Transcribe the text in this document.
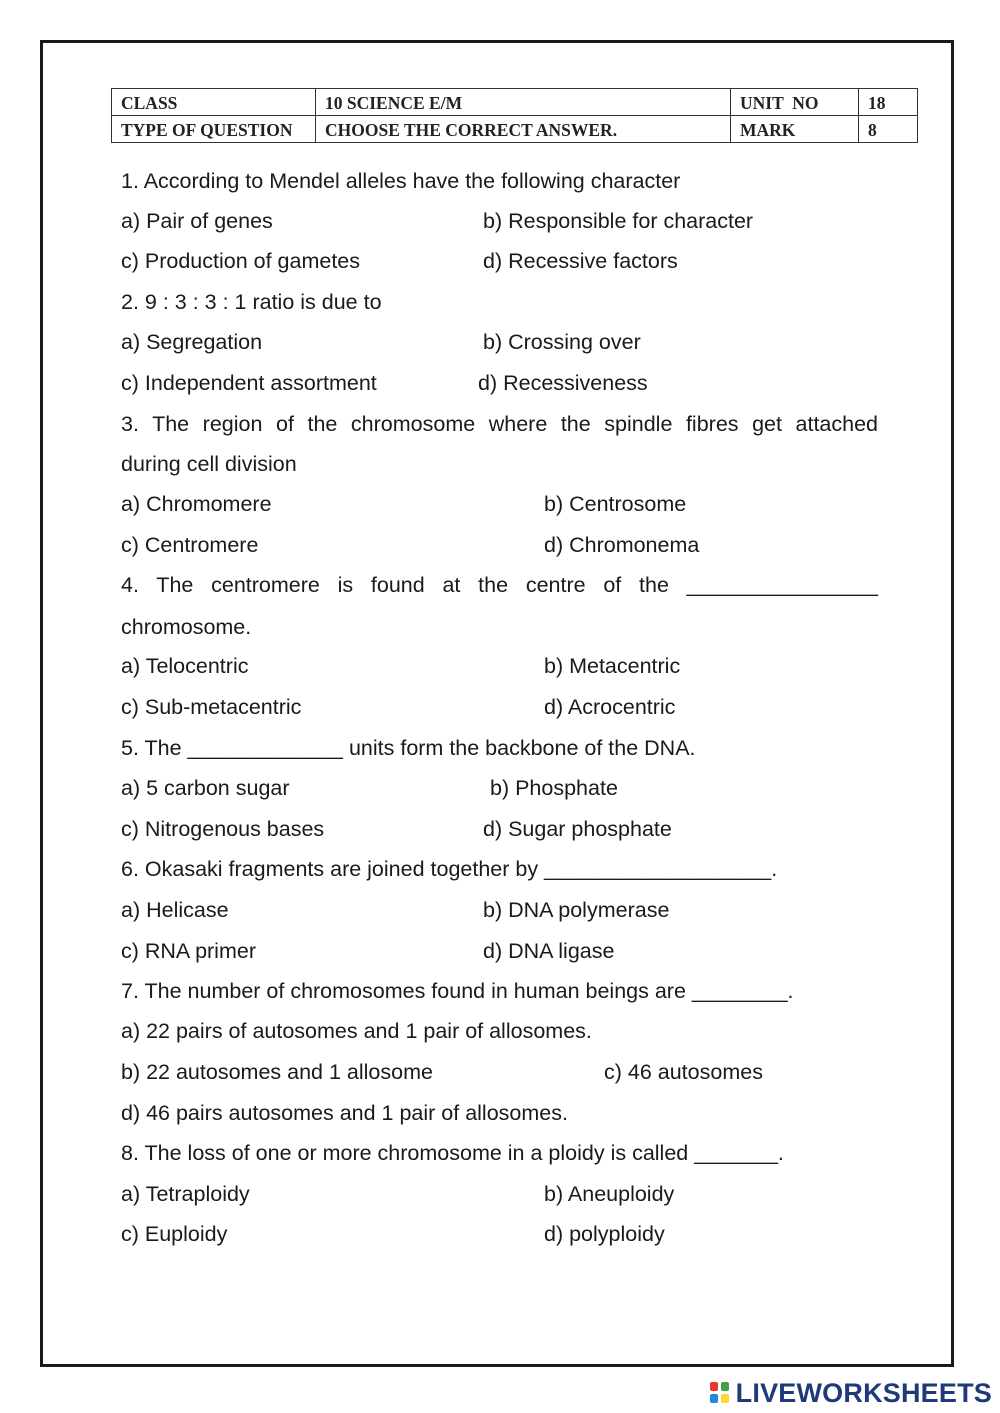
CLASS	10 SCIENCE E/M	UNIT  NO	18
TYPE OF QUESTION	CHOOSE THE CORRECT ANSWER.	MARK	8
1. According to Mendel alleles have the following character
a) Pair of genes	b) Responsible for character
c) Production of gametes	d) Recessive factors
2. 9 : 3 : 3 : 1 ratio is due to
a) Segregation	b) Crossing over
c) Independent assortment	d) Recessiveness
3. The region of the chromosome where the spindle fibres get attached
during cell division
a) Chromomere	b) Centrosome
c) Centromere	d) Chromonema
4. The centromere is found at the centre of the ________________
chromosome.
a) Telocentric	b) Metacentric
c) Sub-metacentric	d) Acrocentric
5. The _____________ units form the backbone of the DNA.
a) 5 carbon sugar	b) Phosphate
c) Nitrogenous bases	d) Sugar phosphate
6. Okasaki fragments are joined together by ___________________.
a) Helicase	b) DNA polymerase
c) RNA primer	d) DNA ligase
7. The number of chromosomes found in human beings are ________.
a) 22 pairs of autosomes and 1 pair of allosomes.
b) 22 autosomes and 1 allosome	c) 46 autosomes
d) 46 pairs autosomes and 1 pair of allosomes.
8. The loss of one or more chromosome in a ploidy is called _______.
a) Tetraploidy	b) Aneuploidy
c) Euploidy	d) polyploidy
LIVEWORKSHEETS
